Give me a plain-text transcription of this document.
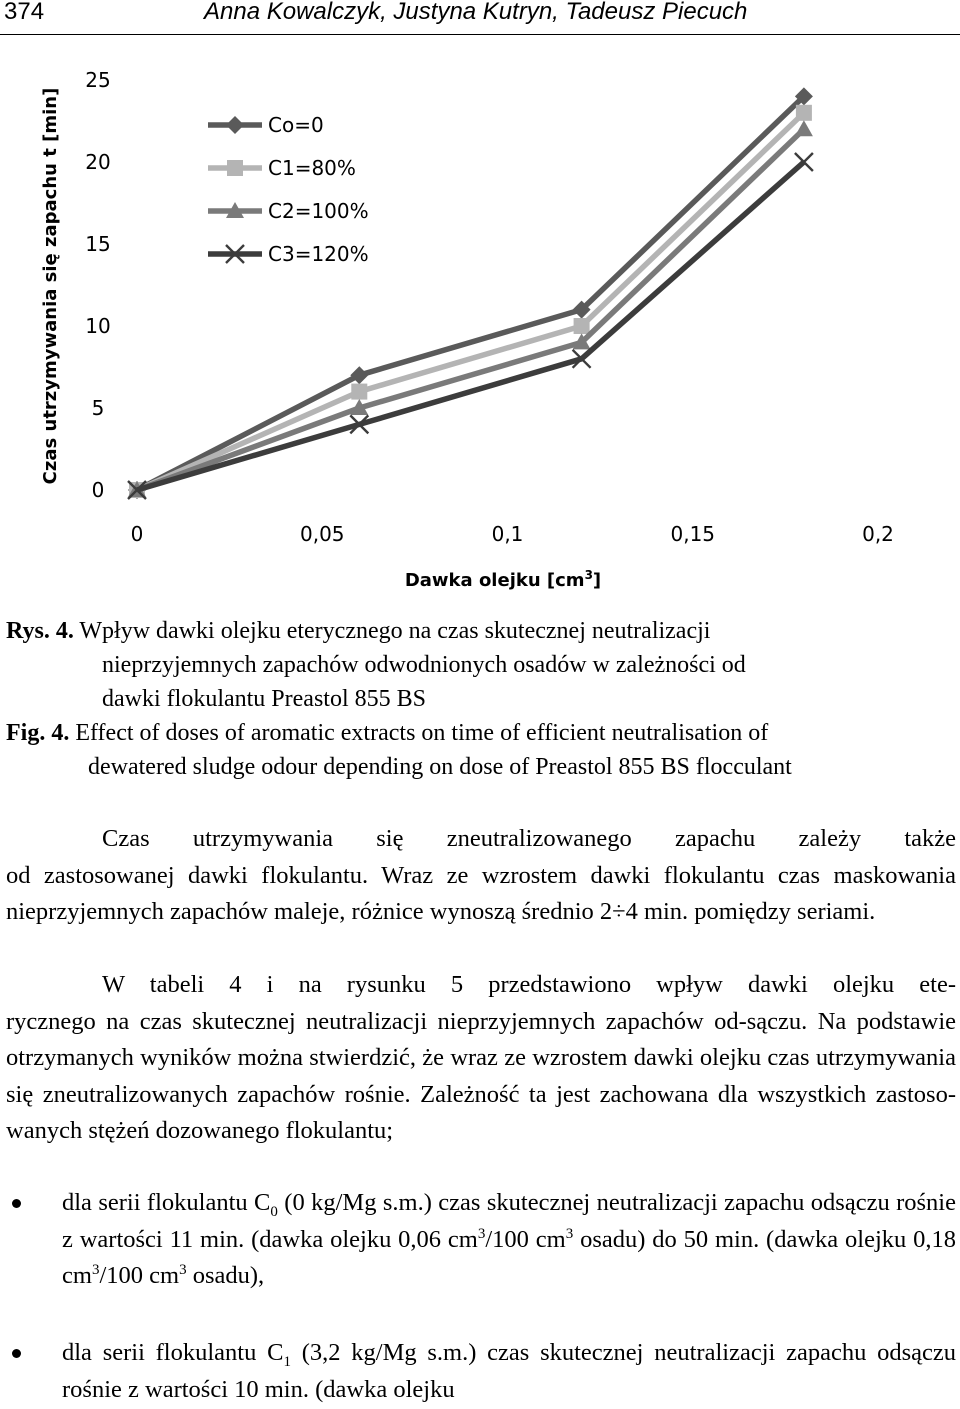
374	Anna Kowalczyk, Justyna Kutryn, Tadeusz Piecuch
Czas utrzymywania się zapachu t [min]
0
5
10
15
20
25
0	0,05	0,1	0,15	0,2
Dawka olejku $[cm^3]$
Co=0
C1=80%
C2=100%
C3=120%
Rys. 4. Wpływ dawki olejku eterycznego na czas skutecznej neutralizacji
nieprzyjemnych zapachów odwodnionych osadów w zależności od
dawki flokulantu Preastol 855 BS
Fig. 4. Effect of doses of aromatic extracts on time of efficient neutralisation of
dewatered sludge odour depending on dose of Preastol 855 BS flocculant
Czas utrzymywania się zneutralizowanego zapachu zależy także
od zastosowanej dawki flokulantu. Wraz ze wzrostem dawki flokulantu czas maskowania nieprzyjemnych zapachów maleje, różnice wynoszą średnio 2÷4 min. pomiędzy seriami.
W tabeli 4 i na rysunku 5 przedstawiono wpływ dawki olejku ete-
rycznego na czas skutecznej neutralizacji nieprzyjemnych zapachów od-sączu. Na podstawie otrzymanych wyników można stwierdzić, że wraz ze wzrostem dawki olejku czas utrzymywania się zneutralizowanych zapachów rośnie. Zależność ta jest zachowana dla wszystkich zastoso-wanych stężeń dozowanego flokulantu;
dla serii flokulantu $C_0$ (0 kg/Mg s.m.) czas skutecznej neutralizacji zapachu odsączu rośnie z wartości 11 min. (dawka olejku 0,06 $cm^3/100$ $cm^3$ osadu) do 50 min. (dawka olejku 0,18 $cm^3/100$ $cm^3$ osadu),
dla serii flokulantu $C_1$ (3,2 kg/Mg s.m.) czas skutecznej neutralizacji zapachu odsączu rośnie z wartości 10 min. (dawka olejku
